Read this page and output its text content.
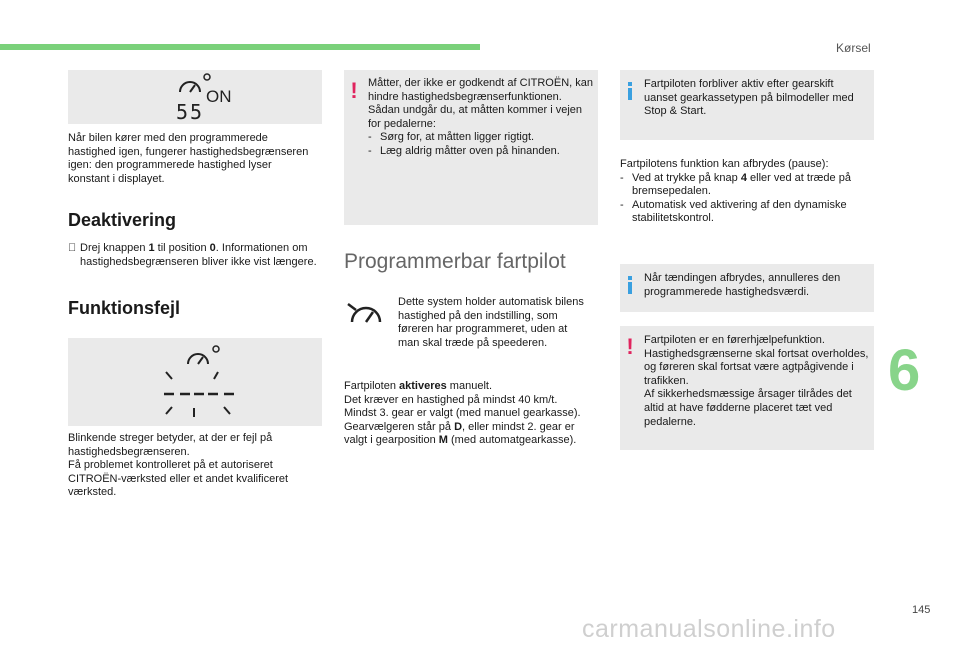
Kørsel
6
145
carmanualsonline.info
ON
55

Når bilen kører med den programmerede hastighed igen, fungerer hastighedsbegrænseren igen: den programmerede hastighed lyser konstant i displayet.

Deaktivering

Drej knappen 1 til position 0. Informationen om hastighedsbegrænseren bliver ikke vist længere.

Funktionsfejl

Blinkende streger betyder, at der er fejl på hastighedsbegrænseren.
Få problemet kontrolleret på et autoriseret CITROËN-værksted eller et andet kvalificeret værksted.

! Måtter, der ikke er godkendt af CITROËN, kan hindre hastighedsbegrænserfunktionen.
Sådan undgår du, at måtten kommer i vejen for pedalerne:

- Sørg for, at måtten ligger rigtigt.
- Læg aldrig måtter oven på hinanden.

Programmerbar fartpilot

Dette system holder automatisk bilens hastighed på den indstilling, som føreren har programmeret, uden at man skal træde på speederen.

Fartpiloten aktiveres manuelt.
Det kræver en hastighed på mindst 40 km/t.
Mindst 3. gear er valgt (med manuel gearkasse).
Gearvælgeren står på D, eller mindst 2. gear er valgt i gearposition M (med automatgearkasse).

Fartpiloten forbliver aktiv efter gearskift uanset gearkassetypen på bilmodeller med Stop & Start.

Fartpilotens funktion kan afbrydes (pause):

- Ved at trykke på knap 4 eller ved at træde på bremsepedalen.
- Automatisk ved aktivering af den dynamiske stabilitetskontrol.

Når tændingen afbrydes, annulleres den programmerede hastighedsværdi.

! Fartpiloten er en førerhjælpefunktion.
Hastighedsgrænserne skal fortsat overholdes, og føreren skal fortsat være agtpågivende i trafikken.
Af sikkerhedsmæssige årsager tilrådes det altid at have fødderne placeret tæt ved pedalerne.
